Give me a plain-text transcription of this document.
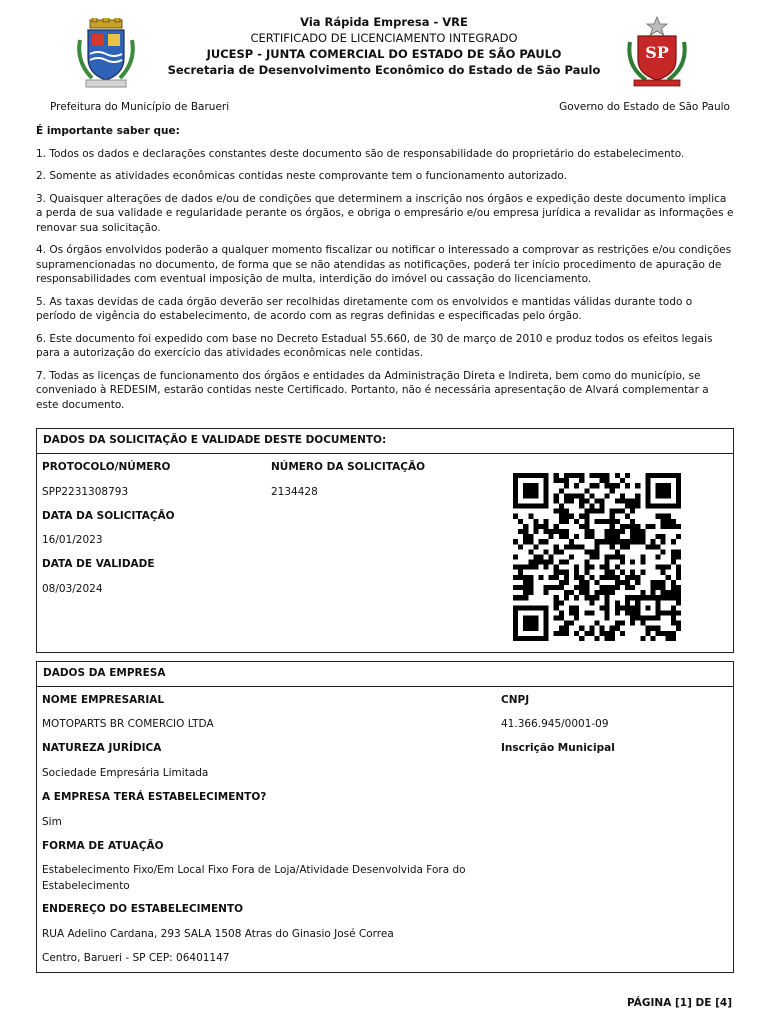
Via Rápida Empresa - VRE
CERTIFICADO DE LICENCIAMENTO INTEGRADO
JUCESP - JUNTA COMERCIAL DO ESTADO DE SÃO PAULO
Secretaria de Desenvolvimento Econômico do Estado de São Paulo
SP
Prefeitura do Município de Barueri	Governo do Estado de São Paulo
É importante saber que:

1. Todos os dados e declarações constantes deste documento são de responsabilidade do proprietário do estabelecimento.

2. Somente as atividades econômicas contidas neste comprovante tem o funcionamento autorizado.

3. Quaisquer alterações de dados e/ou de condições que determinem a inscrição nos órgãos e expedição deste documento implica a perda de sua validade e regularidade perante os órgãos, e obriga o empresário e/ou empresa jurídica a revalidar as informações e renovar sua solicitação.

4. Os órgãos envolvidos poderão a qualquer momento fiscalizar ou notificar o interessado a comprovar as restrições e/ou condições supramencionadas no documento, de forma que se não atendidas as notificações, poderá ter início procedimento de apuração de responsabilidades com eventual imposição de multa, interdição do imóvel ou cassação do licenciamento.

5. As taxas devidas de cada órgão deverão ser recolhidas diretamente com os envolvidos e mantidas válidas durante todo o período de vigência do estabelecimento, de acordo com as regras definidas e especificadas pelo órgão.

6. Este documento foi expedido com base no Decreto Estadual 55.660, de 30 de março de 2010 e produz todos os efeitos legais para a autorização do exercício das atividades econômicas nele contidas.

7. Todas as licenças de funcionamento dos órgãos e entidades da Administração Direta e Indireta, bem como do município, se conveniado à REDESIM, estarão contidas neste Certificado. Portanto, não é necessária apresentação de Alvará complementar a este documento.

DADOS DA SOLICITAÇÃO E VALIDADE DESTE DOCUMENTO:
PROTOCOLO/NÚMERO
SPP2231308793
NÚMERO DA SOLICITAÇÃO
2134428
DATA DA SOLICITAÇÃO
16/01/2023
DATA DE VALIDADE
08/03/2024
DADOS DA EMPRESA
NOME EMPRESARIAL
MOTOPARTS BR COMERCIO LTDA
CNPJ
41.366.945/0001-09
NATUREZA JURÍDICA
Sociedade Empresária Limitada
Inscrição Municipal
A EMPRESA TERÁ ESTABELECIMENTO?
Sim
FORMA DE ATUAÇÃO
Estabelecimento Fixo/Em Local Fixo Fora de Loja/Atividade Desenvolvida Fora do
Estabelecimento
ENDEREÇO DO ESTABELECIMENTO
RUA Adelino Cardana, 293 SALA 1508 Atras do Ginasio José Correa
Centro, Barueri - SP CEP: 06401147
PÁGINA [1] DE [4]
